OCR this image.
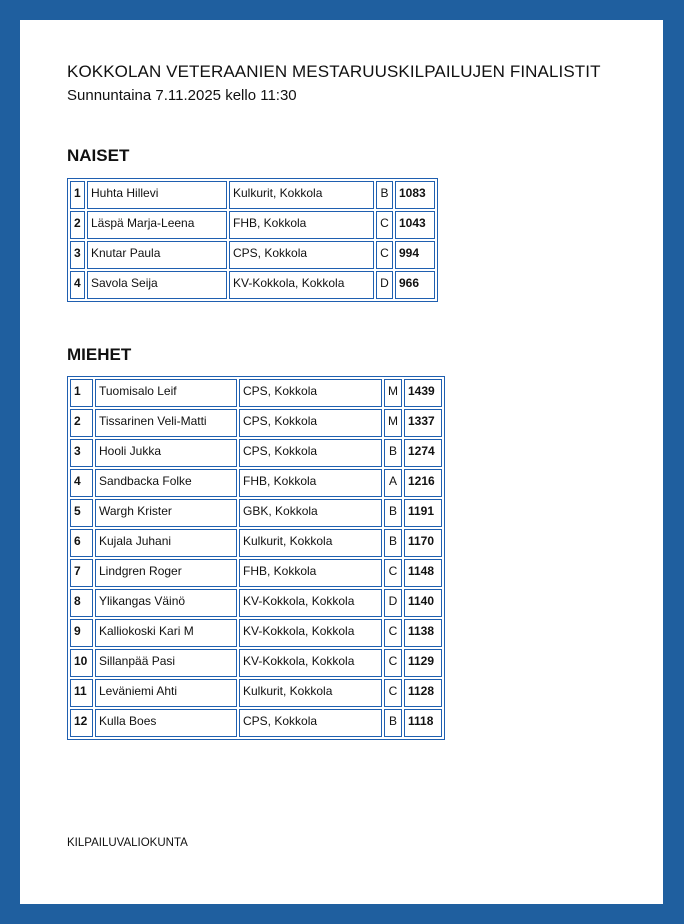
KOKKOLAN VETERAANIEN MESTARUUSKILPAILUJEN FINALISTIT
Sunnuntaina 7.11.2025 kello 11:30
NAISET
1	Huhta Hillevi	Kulkurit, Kokkola	B	1083
2	Läspä Marja-Leena	FHB, Kokkola	C	1043
3	Knutar Paula	CPS, Kokkola	C	994
4	Savola Seija	KV-Kokkola, Kokkola	D	966
MIEHET
1	Tuomisalo Leif	CPS, Kokkola	M	1439
2	Tissarinen Veli-Matti	CPS, Kokkola	M	1337
3	Hooli Jukka	CPS, Kokkola	B	1274
4	Sandbacka Folke	FHB, Kokkola	A	1216
5	Wargh Krister	GBK, Kokkola	B	1191
6	Kujala Juhani	Kulkurit, Kokkola	B	1170
7	Lindgren Roger	FHB, Kokkola	C	1148
8	Ylikangas Väinö	KV-Kokkola, Kokkola	D	1140
9	Kalliokoski Kari M	KV-Kokkola, Kokkola	C	1138
10	Sillanpää Pasi	KV-Kokkola, Kokkola	C	1129
11	Leväniemi Ahti	Kulkurit, Kokkola	C	1128
12	Kulla Boes	CPS, Kokkola	B	1118
KILPAILUVALIOKUNTA
